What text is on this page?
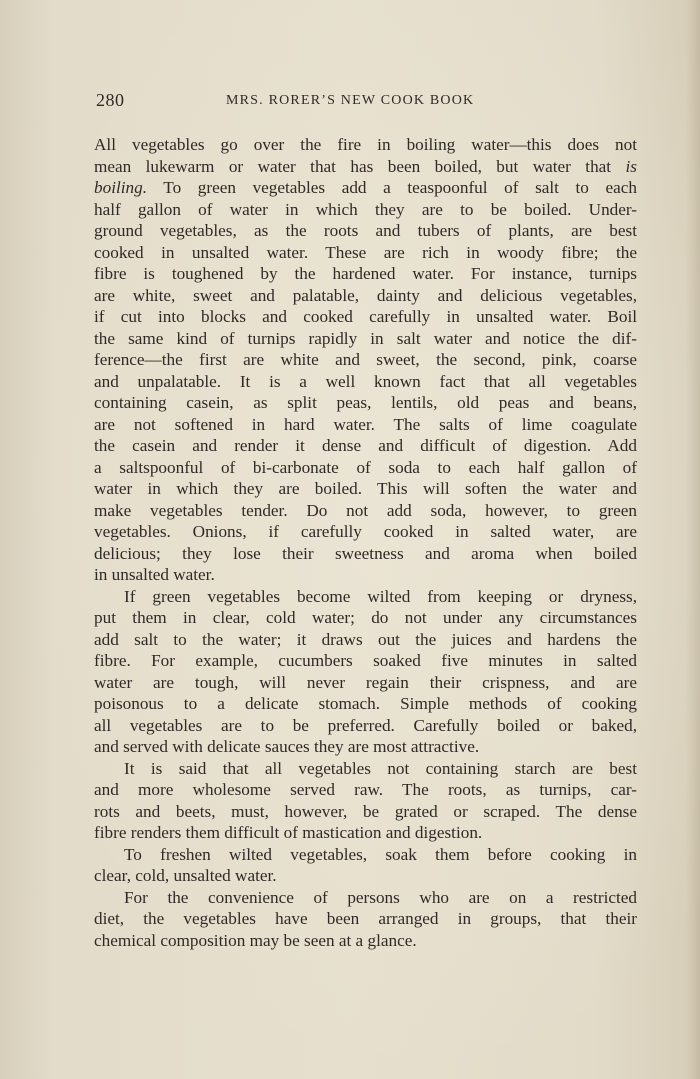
280	MRS. RORER’S NEW COOK BOOK
All vegetables go over the fire in boiling water—this does not
mean lukewarm or water that has been boiled, but water that is
boiling. To green vegetables add a teaspoonful of salt to each
half gallon of water in which they are to be boiled. Under-
ground vegetables, as the roots and tubers of plants, are best
cooked in unsalted water. These are rich in woody fibre; the
fibre is toughened by the hardened water. For instance, turnips
are white, sweet and palatable, dainty and delicious vegetables,
if cut into blocks and cooked carefully in unsalted water. Boil
the same kind of turnips rapidly in salt water and notice the dif-
ference—the first are white and sweet, the second, pink, coarse
and unpalatable. It is a well known fact that all vegetables
containing casein, as split peas, lentils, old peas and beans,
are not softened in hard water. The salts of lime coagulate
the casein and render it dense and difficult of digestion. Add
a saltspoonful of bi-carbonate of soda to each half gallon of
water in which they are boiled. This will soften the water and
make vegetables tender. Do not add soda, however, to green
vegetables. Onions, if carefully cooked in salted water, are
delicious; they lose their sweetness and aroma when boiled
in unsalted water.
If green vegetables become wilted from keeping or dryness,
put them in clear, cold water; do not under any circumstances
add salt to the water; it draws out the juices and hardens the
fibre. For example, cucumbers soaked five minutes in salted
water are tough, will never regain their crispness, and are
poisonous to a delicate stomach. Simple methods of cooking
all vegetables are to be preferred. Carefully boiled or baked,
and served with delicate sauces they are most attractive.
It is said that all vegetables not containing starch are best
and more wholesome served raw. The roots, as turnips, car-
rots and beets, must, however, be grated or scraped. The dense
fibre renders them difficult of mastication and digestion.
To freshen wilted vegetables, soak them before cooking in
clear, cold, unsalted water.
For the convenience of persons who are on a restricted
diet, the vegetables have been arranged in groups, that their
chemical composition may be seen at a glance.
